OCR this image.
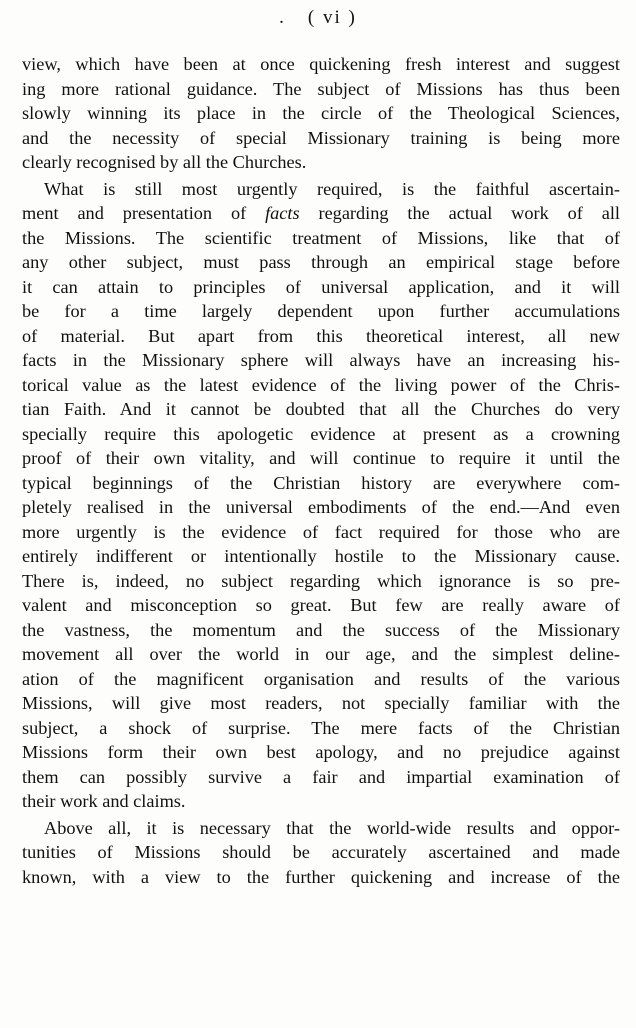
. ( vi )
view, which have been at once quickening fresh interest and suggest
ing more rational guidance. The subject of Missions has thus been
slowly winning its place in the circle of the Theological Sciences,
and the necessity of special Missionary training is being more
clearly recognised by all the Churches.
What is still most urgently required, is the faithful ascertain-
ment and presentation of facts regarding the actual work of all
the Missions. The scientific treatment of Missions, like that of
any other subject, must pass through an empirical stage before
it can attain to principles of universal application, and it will
be for a time largely dependent upon further accumulations
of material. But apart from this theoretical interest, all new
facts in the Missionary sphere will always have an increasing his-
torical value as the latest evidence of the living power of the Chris-
tian Faith. And it cannot be doubted that all the Churches do very
specially require this apologetic evidence at present as a crowning
proof of their own vitality, and will continue to require it until the
typical beginnings of the Christian history are everywhere com-
pletely realised in the universal embodiments of the end.—And even
more urgently is the evidence of fact required for those who are
entirely indifferent or intentionally hostile to the Missionary cause.
There is, indeed, no subject regarding which ignorance is so pre-
valent and misconception so great. But few are really aware of
the vastness, the momentum and the success of the Missionary
movement all over the world in our age, and the simplest deline-
ation of the magnificent organisation and results of the various
Missions, will give most readers, not specially familiar with the
subject, a shock of surprise. The mere facts of the Christian
Missions form their own best apology, and no prejudice against
them can possibly survive a fair and impartial examination of
their work and claims.
Above all, it is necessary that the world-wide results and oppor-
tunities of Missions should be accurately ascertained and made
known, with a view to the further quickening and increase of the
